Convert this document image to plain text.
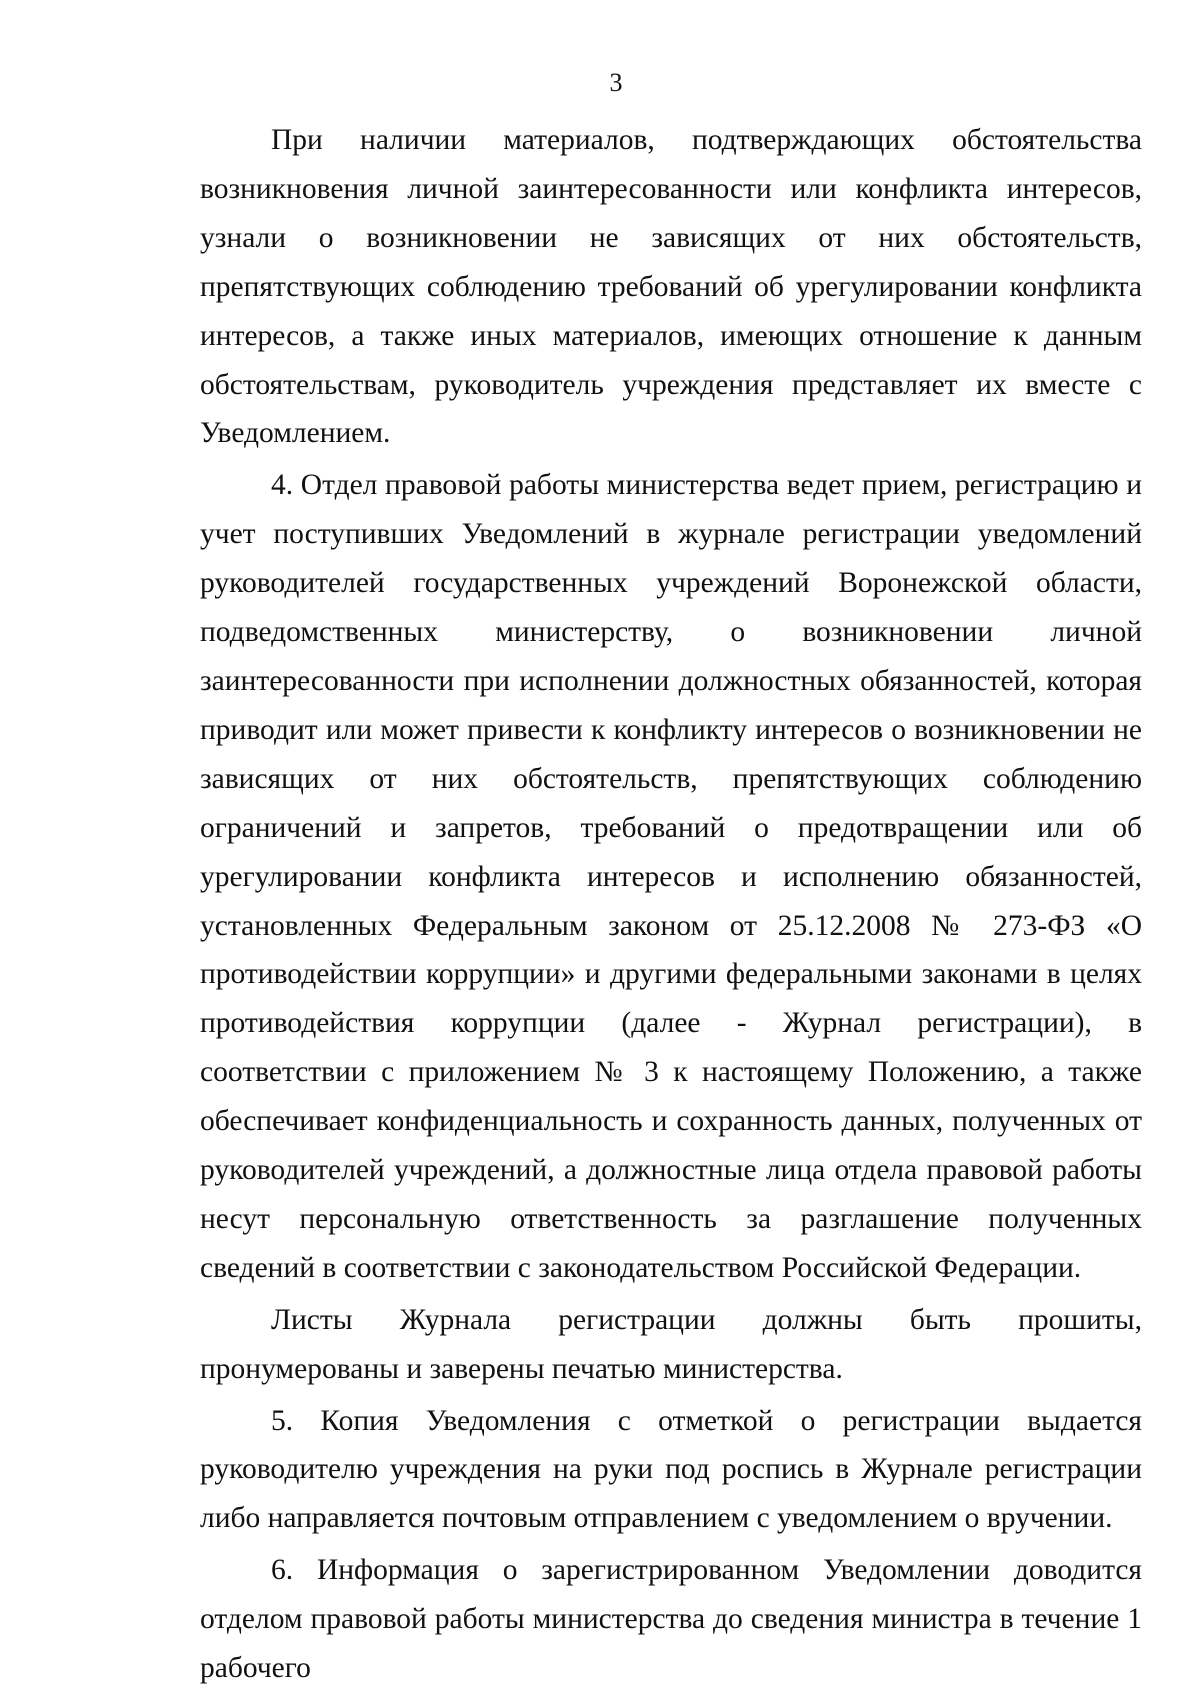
3

При наличии материалов, подтверждающих обстоятельства возникновения личной заинтересованности или конфликта интересов, узнали о возникновении не зависящих от них обстоятельств, препятствующих соблюдению требований об урегулировании конфликта интересов, а также иных материалов, имеющих отношение к данным обстоятельствам, руководитель учреждения представляет их вместе с Уведомлением.

4. Отдел правовой работы министерства ведет прием, регистрацию и учет поступивших Уведомлений в журнале регистрации уведомлений руководителей государственных учреждений Воронежской области, подведомственных министерству, о возникновении личной заинтересованности при исполнении должностных обязанностей, которая приводит или может привести к конфликту интересов о возникновении не зависящих от них обстоятельств, препятствующих соблюдению ограничений и запретов, требований о предотвращении или об урегулировании конфликта интересов и исполнению обязанностей, установленных Федеральным законом от 25.12.2008 № 273-ФЗ «О противодействии коррупции» и другими федеральными законами в целях противодействия коррупции (далее - Журнал регистрации), в соответствии с приложением № 3 к настоящему Положению, а также обеспечивает конфиденциальность и сохранность данных, полученных от руководителей учреждений, а должностные лица отдела правовой работы несут персональную ответственность за разглашение полученных сведений в соответствии с законодательством Российской Федерации.

Листы Журнала регистрации должны быть прошиты, пронумерованы и заверены печатью министерства.

5. Копия Уведомления с отметкой о регистрации выдается руководителю учреждения на руки под роспись в Журнале регистрации либо направляется почтовым отправлением с уведомлением о вручении.

6. Информация о зарегистрированном Уведомлении доводится отделом правовой работы министерства до сведения министра в течение 1 рабочего
